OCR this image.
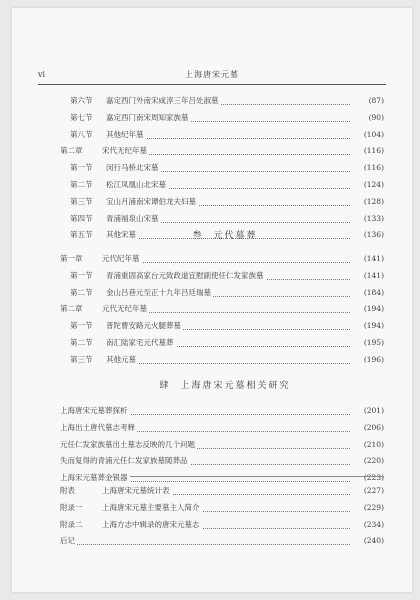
vi	上海唐宋元墓
第六节 嘉定西门外南宋咸淳三年吕处淑墓	(87)
第七节 嘉定西门南宋周知家族墓	(90)
第八节 其他纪年墓	(104)
第二章	宋代无纪年墓	(116)
第一节 闵行马桥北宋墓	(116)
第二节 松江凤凰山北宋墓	(124)
第三节 宝山月浦南宋谭伯龙夫妇墓	(128)
第四节 青浦福泉山宋墓	(133)
第五节 其他宋墓	(136)
叁 元代墓葬
第一章	元代纪年墓	(141)
第一节 青浦重固高家台元致政道宜慰副使任仁发家族墓	(141)
第二节 金山吕巷元至正十九年吕廷瑞墓	(184)
第二章	元代无纪年墓	(194)
第一节 普陀曹安路元火腿葬墓	(194)
第二节 南汇陆家宅元代墓葬	(195)
第三节 其他元墓	(196)
肆 上海唐宋元墓相关研究
上海唐宋元墓葬探析	(201)
上海出土唐代墓志考释	(206)
元任仁发家族墓出土墓志反映的几个问题	(210)
失而复得的青浦元任仁发家族墓随葬品	(220)
上海宋元墓葬金银器	(223)
附表	上海唐宋元墓统计表	(227)
附录一	上海唐宋元墓主要墓主人简介	(229)
附录二	上海方志中辑录的唐宋元墓志	(234)
后记	(240)
